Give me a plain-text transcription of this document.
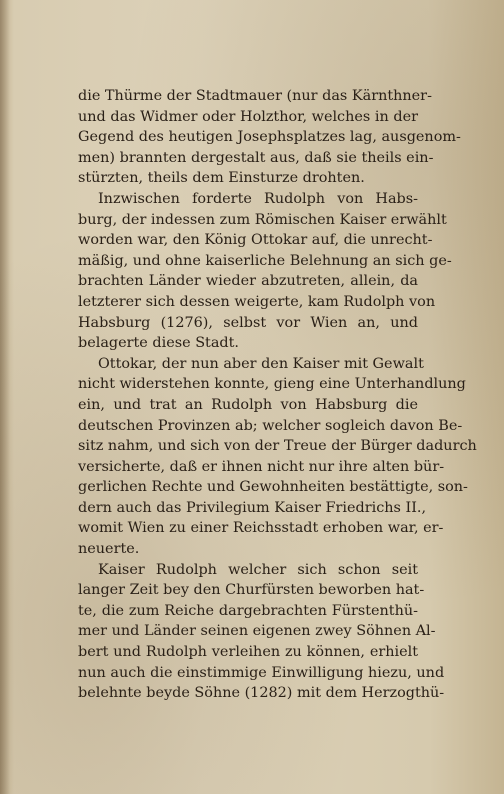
die Thürme der Stadtmauer (nur das Kärnthner-
und das Widmer oder Holzthor, welches in der
Gegend des heutigen Josephsplatzes lag, ausgenom-
men) brannten dergestalt aus, daß sie theils ein-
stürzten, theils dem Einsturze drohten.
Inzwischen forderte Rudolph von Habs-
burg, der indessen zum Römischen Kaiser erwählt
worden war, den König Ottokar auf, die unrecht-
mäßig, und ohne kaiserliche Belehnung an sich ge-
brachten Länder wieder abzutreten, allein, da
letzterer sich dessen weigerte, kam Rudolph von
Habsburg (1276), selbst vor Wien an, und
belagerte diese Stadt.
Ottokar, der nun aber den Kaiser mit Gewalt
nicht widerstehen konnte, gieng eine Unterhandlung
ein, und trat an Rudolph von Habsburg die
deutschen Provinzen ab; welcher sogleich davon Be-
sitz nahm, und sich von der Treue der Bürger dadurch
versicherte, daß er ihnen nicht nur ihre alten bür-
gerlichen Rechte und Gewohnheiten bestättigte, son-
dern auch das Privilegium Kaiser Friedrichs II.,
womit Wien zu einer Reichsstadt erhoben war, er-
neuerte.
Kaiser Rudolph welcher sich schon seit
langer Zeit bey den Churfürsten beworben hat-
te, die zum Reiche dargebrachten Fürstenthü-
mer und Länder seinen eigenen zwey Söhnen Al-
bert und Rudolph verleihen zu können, erhielt
nun auch die einstimmige Einwilligung hiezu, und
belehnte beyde Söhne (1282) mit dem Herzogthü-
